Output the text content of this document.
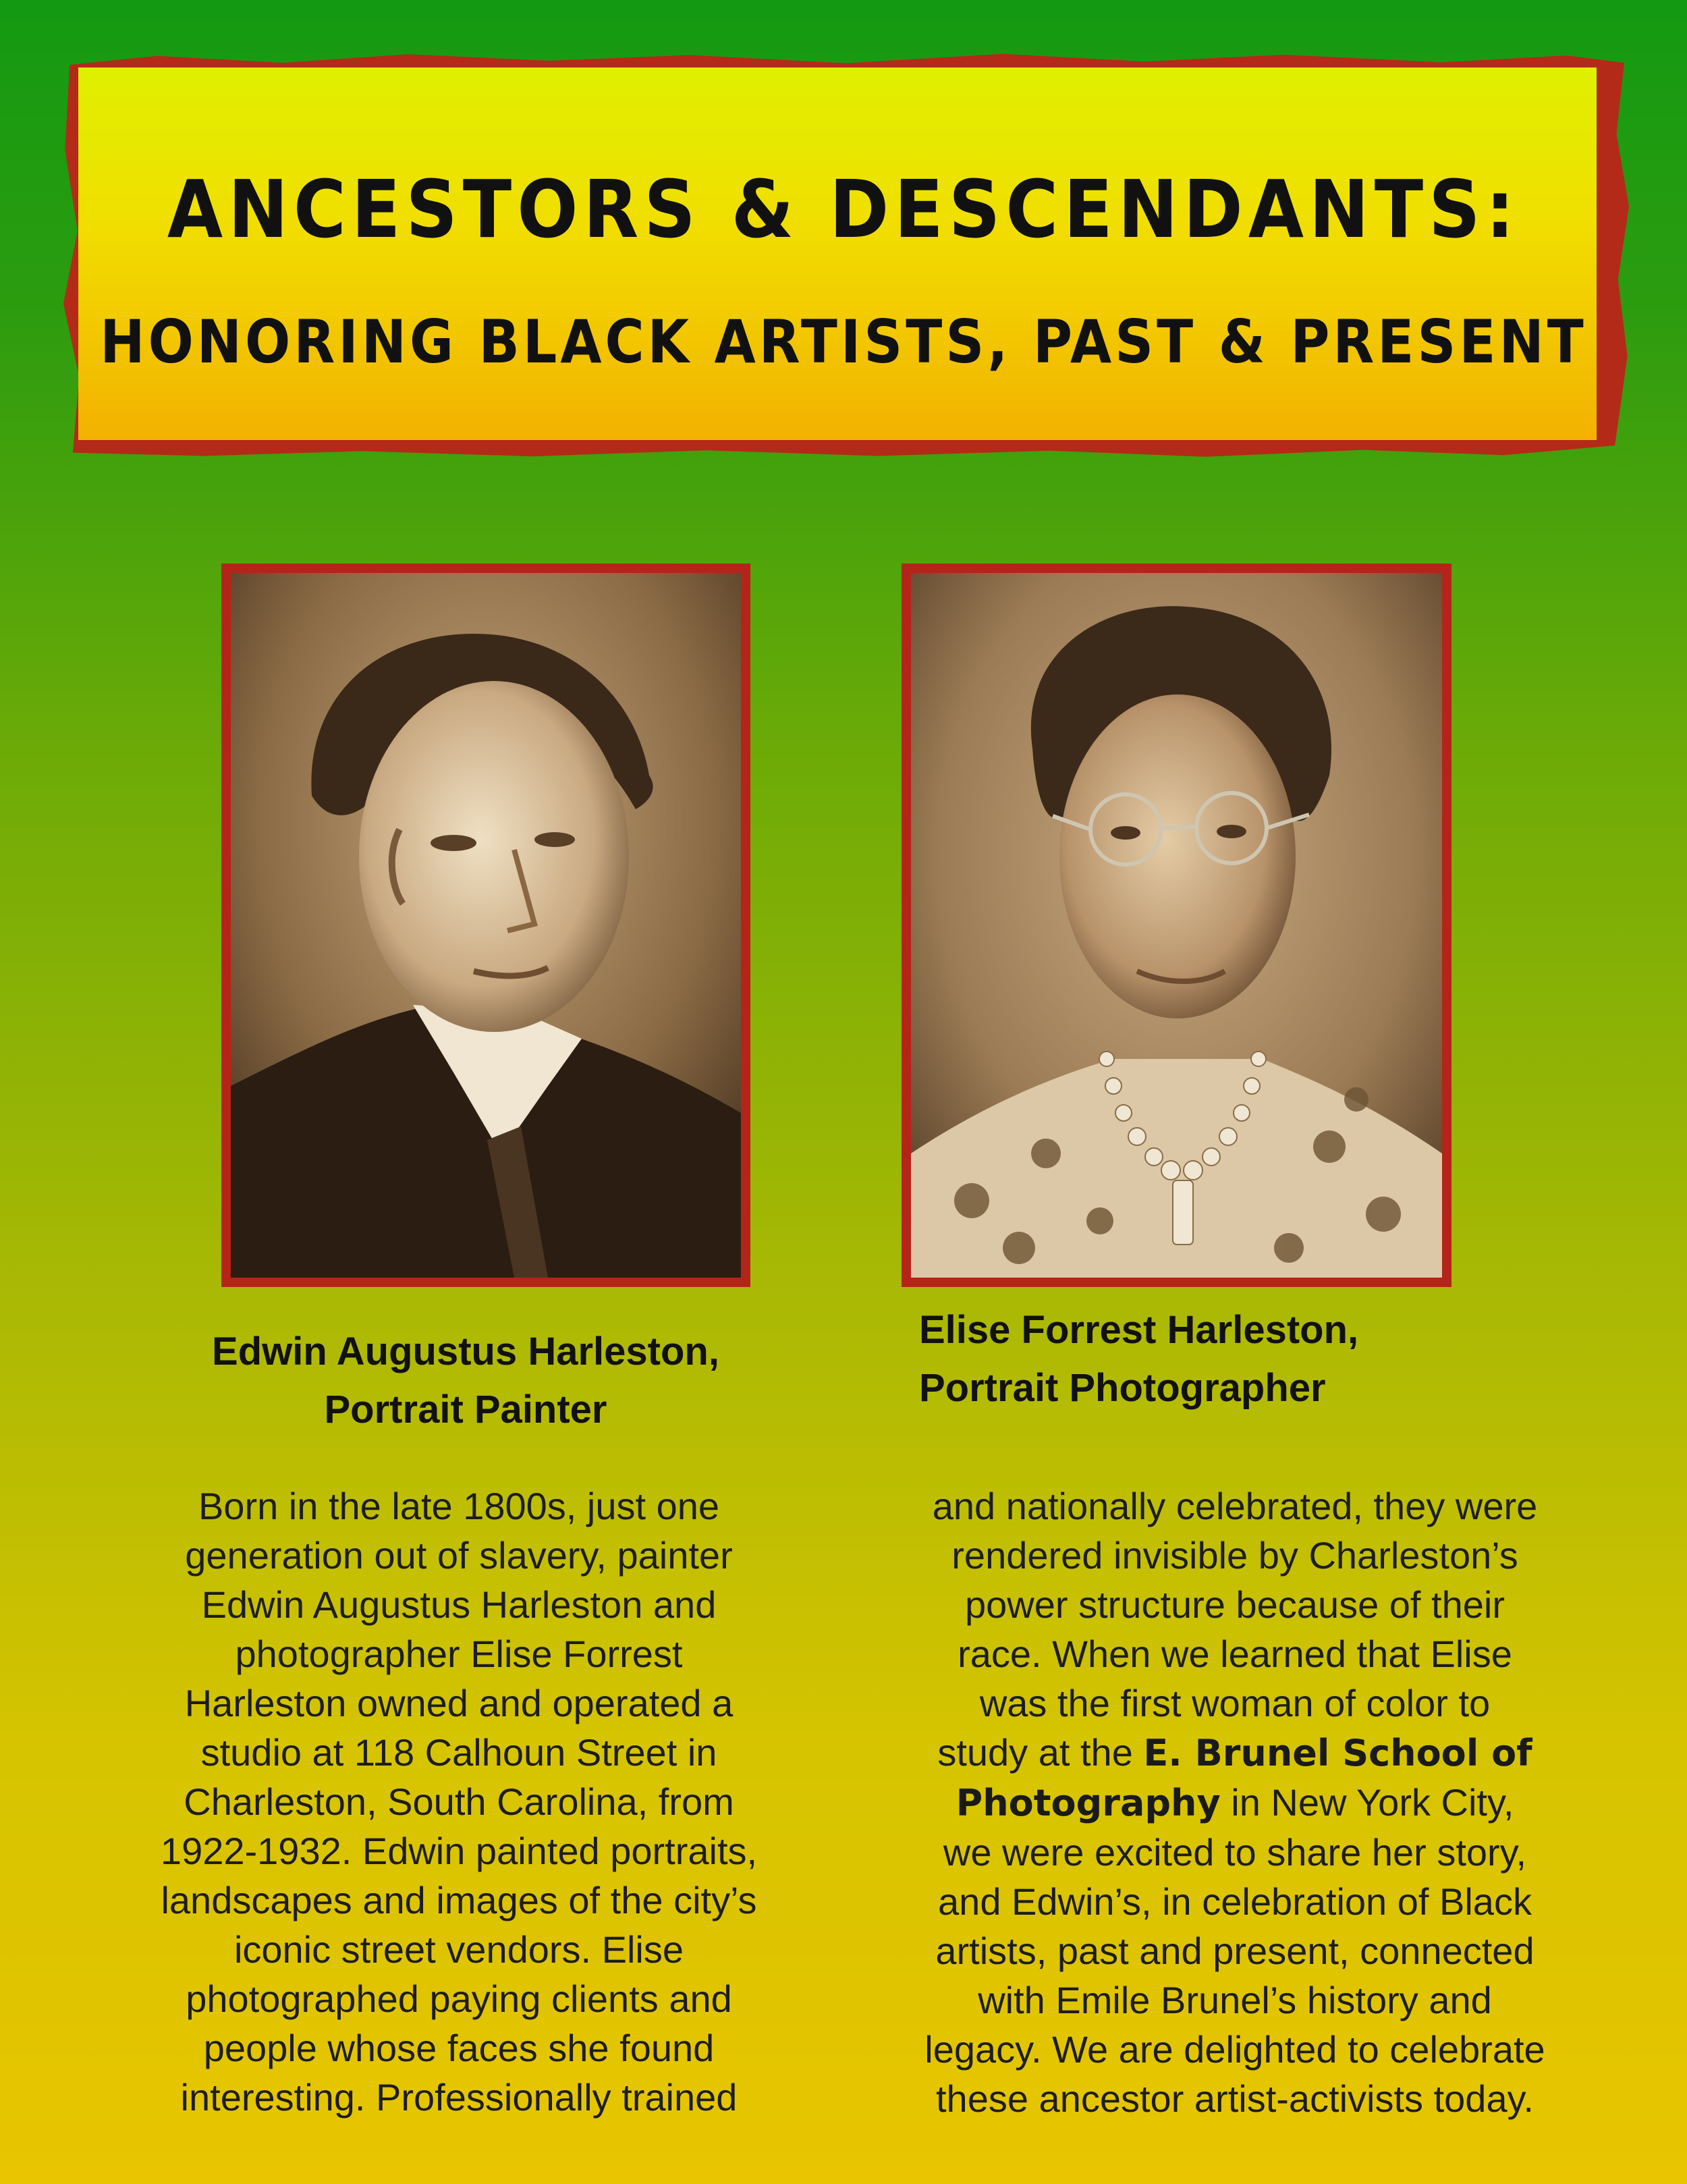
ANCESTORS & DESCENDANTS:
HONORING BLACK ARTISTS, PAST & PRESENT
Edwin Augustus Harleston,
Portrait Painter
Elise Forrest Harleston,
Portrait Photographer
Born in the late 1800s, just one
generation out of slavery, painter
Edwin Augustus Harleston and
photographer Elise Forrest
Harleston owned and operated a
studio at 118 Calhoun Street in
Charleston, South Carolina, from
1922-1932. Edwin painted portraits,
landscapes and images of the city’s
iconic street vendors. Elise
photographed paying clients and
people whose faces she found
interesting. Professionally trained
and nationally celebrated, they were
rendered invisible by Charleston’s
power structure because of their
race. When we learned that Elise
was the first woman of color to
study at the E. Brunel School of
Photography in New York City,
we were excited to share her story,
and Edwin’s, in celebration of Black
artists, past and present, connected
with Emile Brunel’s history and
legacy. We are delighted to celebrate
these ancestor artist-activists today.
